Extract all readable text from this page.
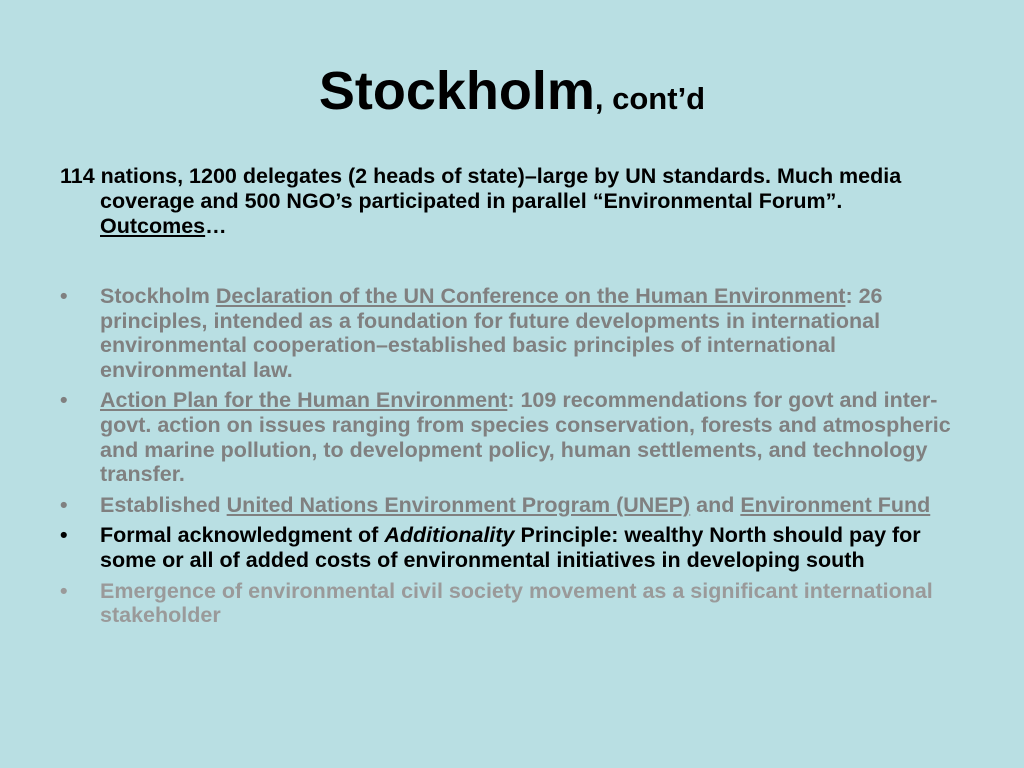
Stockholm, cont’d
114 nations, 1200 delegates (2 heads of state)–large by UN standards. Much media coverage and 500 NGO’s participated in parallel “Environmental Forum”. Outcomes…
• Stockholm Declaration of the UN Conference on the Human Environment: 26 principles, intended as a foundation for future developments in international environmental cooperation–established basic principles of international environmental law.
• Action Plan for the Human Environment: 109 recommendations for govt and inter-govt. action on issues ranging from species conservation, forests and atmospheric and marine pollution, to development policy, human settlements, and technology transfer.
• Established United Nations Environment Program (UNEP) and Environment Fund
• Formal acknowledgment of Additionality Principle: wealthy North should pay for some or all of added costs of environmental initiatives in developing south
• Emergence of environmental civil society movement as a significant international stakeholder
